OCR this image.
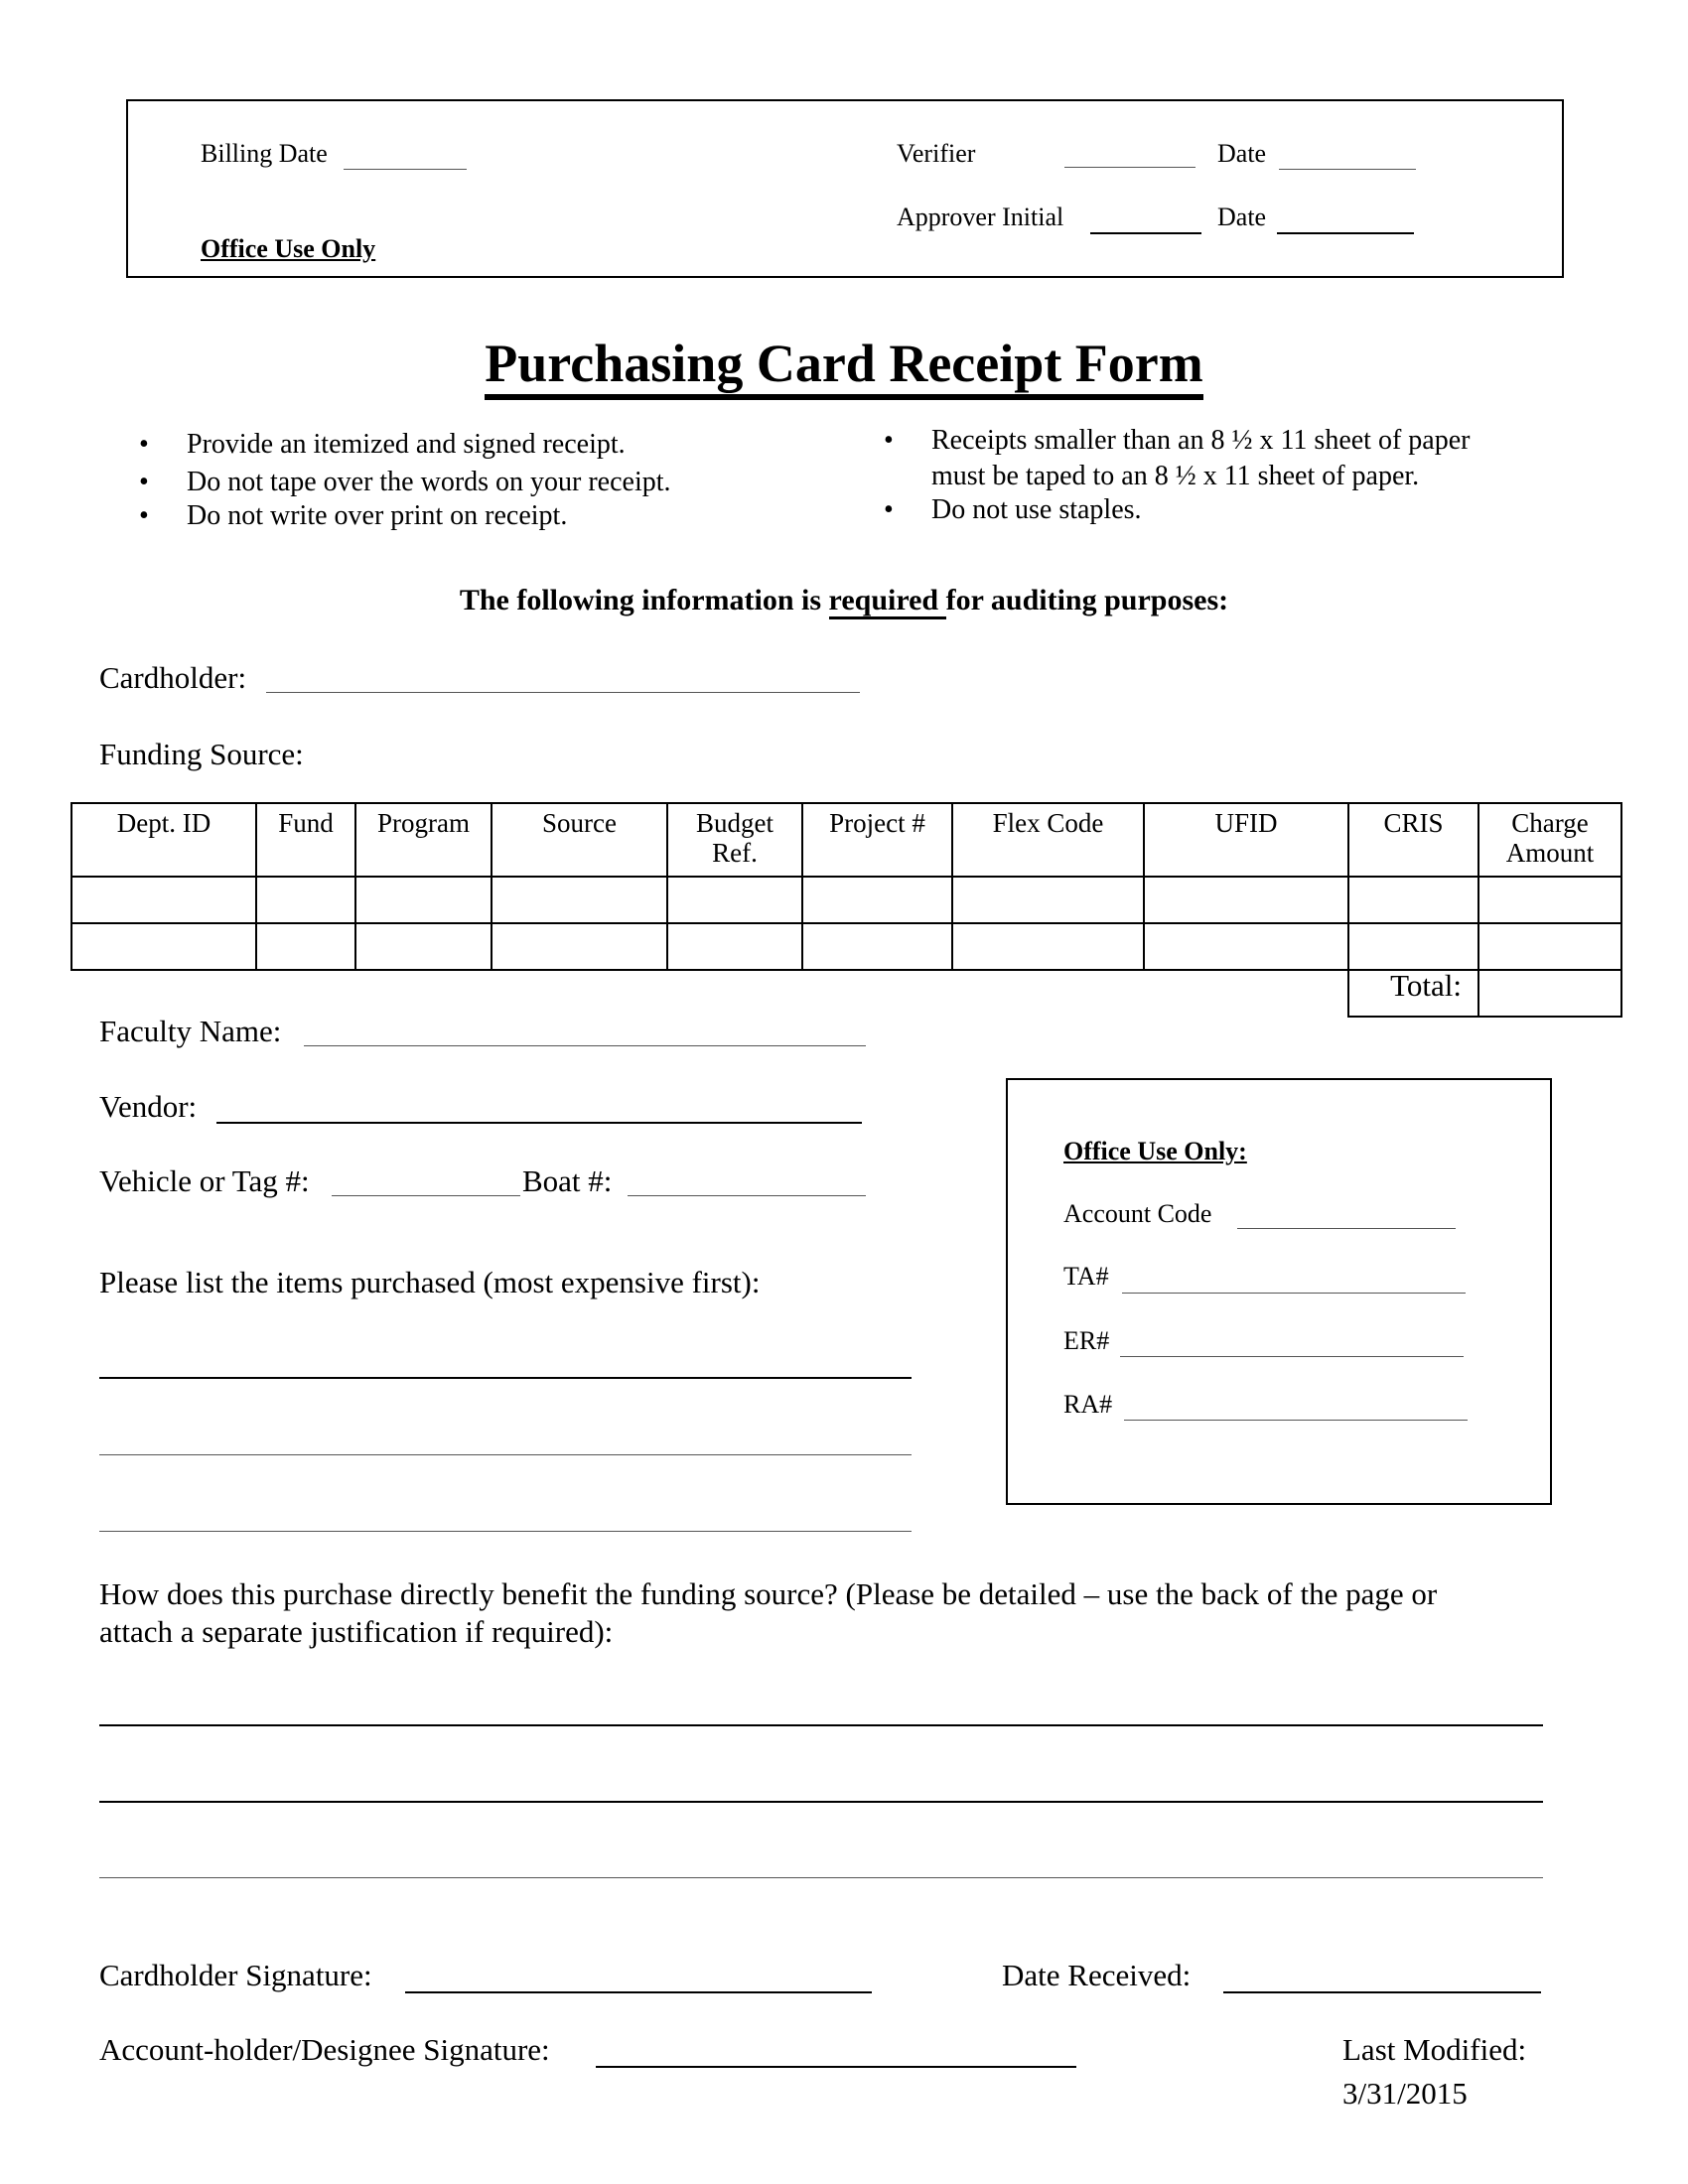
Billing Date
Office Use Only
Verifier	Date
Approver Initial	Date
Purchasing Card Receipt Form
• Provide an itemized and signed receipt.
• Do not tape over the words on your receipt.
• Do not write over print on receipt.
• Receipts smaller than an 8 ½ x 11 sheet of paper
must be taped to an 8 ½ x 11 sheet of paper.
• Do not use staples.
The following information is required for auditing purposes:
Cardholder:
Funding Source:
Dept. ID	Fund	Program	Source	Budget Ref.	Project #	Flex Code	UFID	CRIS	Charge Amount

								Total:	
Faculty Name:
Vendor:
Vehicle or Tag #:	Boat #:
Please list the items purchased (most expensive first):
Office Use Only:
Account Code
TA#
ER#
RA#
How does this purchase directly benefit the funding source? (Please be detailed – use the back of the page or
attach a separate justification if required):
Cardholder Signature:	Date Received:
Account-holder/Designee Signature:	Last Modified:
3/31/2015
